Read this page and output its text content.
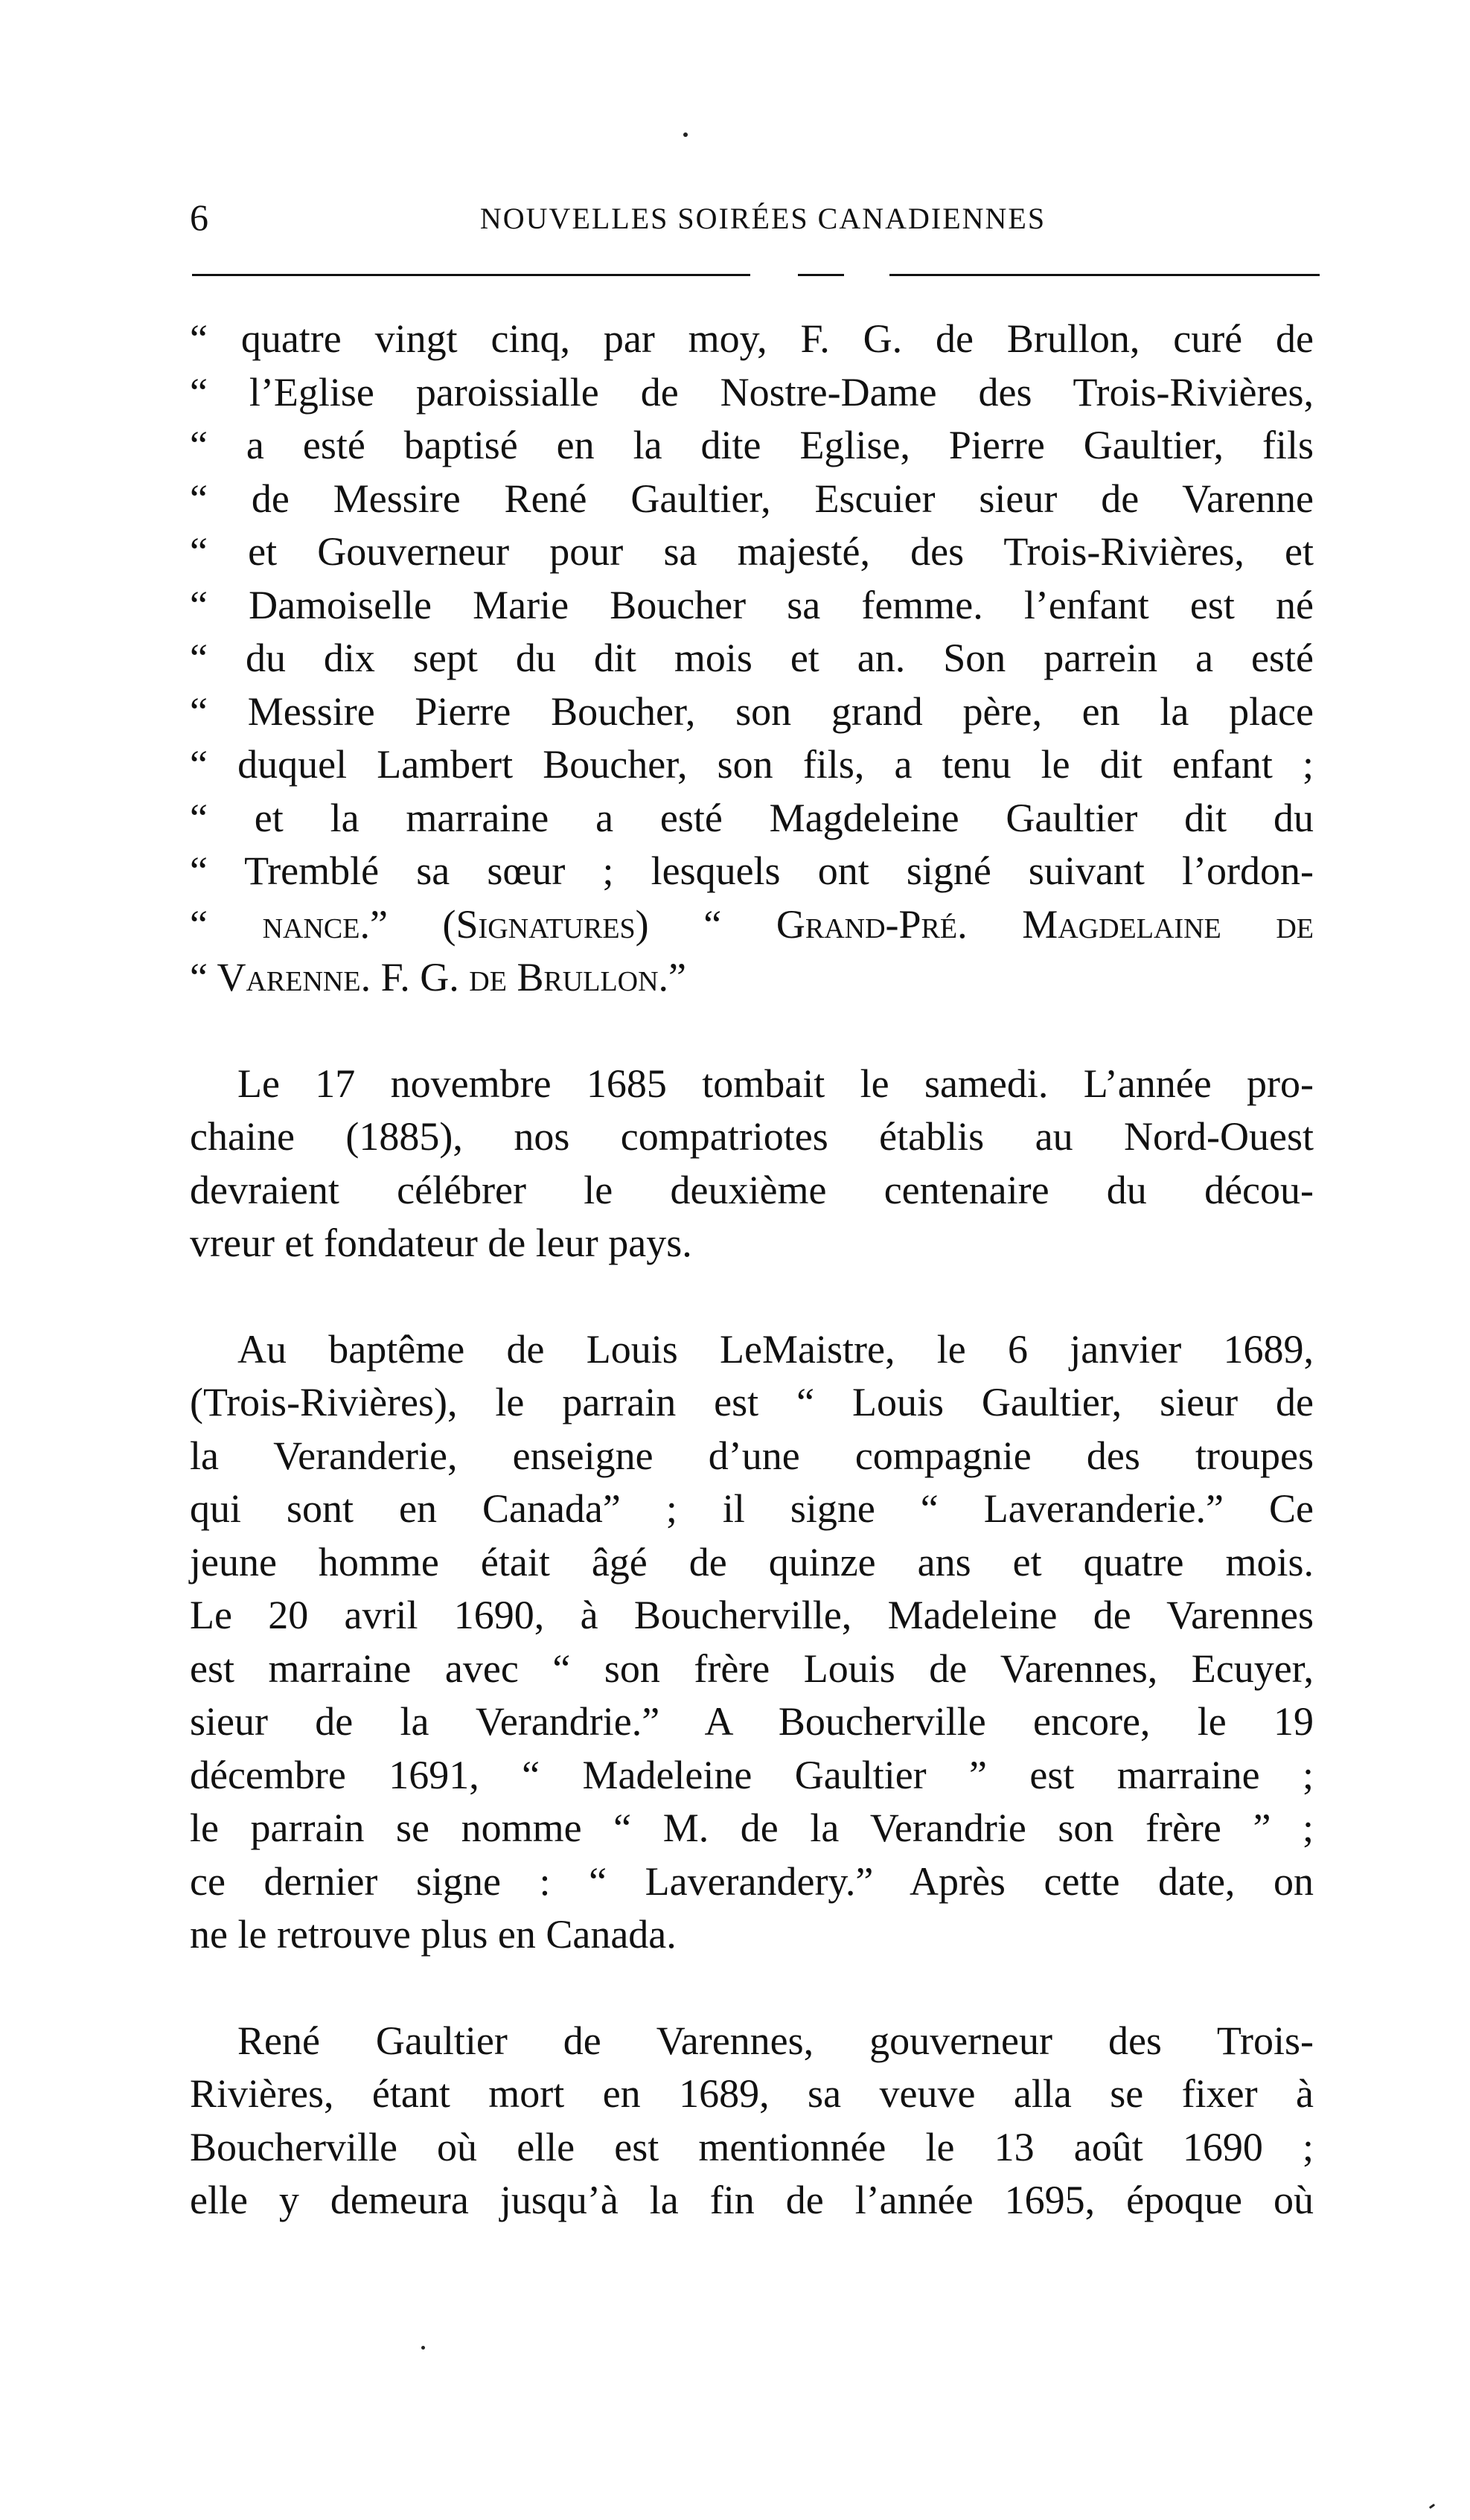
6	NOUVELLES SOIRÉES CANADIENNES
“ quatre vingt cinq, par moy, F. G. de Brullon, curé de
“ l’Eglise paroissialle de Nostre-Dame des Trois-Rivières,
“ a esté baptisé en la dite Eglise, Pierre Gaultier, fils
“ de Messire René Gaultier, Escuier sieur de Varenne
“ et Gouverneur pour sa majesté, des Trois-Rivières, et
“ Damoiselle Marie Boucher sa femme. l’enfant est né
“ du dix sept du dit mois et an. Son parrein a esté
“ Messire Pierre Boucher, son grand père, en la place
“ duquel Lambert Boucher, son fils, a tenu le dit enfant ;
“ et la marraine a esté Magdeleine Gaultier dit du
“ Tremblé sa sœur ; lesquels ont signé suivant l’ordon-
“ nance.” (Signatures) “ Grand-Pré. Magdelaine de
“ Varenne. F. G. de Brullon.”
Le 17 novembre 1685 tombait le samedi. L’année pro-
chaine (1885), nos compatriotes établis au Nord-Ouest
devraient célébrer le deuxième centenaire du décou-
vreur et fondateur de leur pays.
Au baptême de Louis LeMaistre, le 6 janvier 1689,
(Trois-Rivières), le parrain est “ Louis Gaultier, sieur de
la Veranderie, enseigne d’une compagnie des troupes
qui sont en Canada” ; il signe “ Laveranderie.” Ce
jeune homme était âgé de quinze ans et quatre mois.
Le 20 avril 1690, à Boucherville, Madeleine de Varennes
est marraine avec “ son frère Louis de Varennes, Ecuyer,
sieur de la Verandrie.” A Boucherville encore, le 19
décembre 1691, “ Madeleine Gaultier ” est marraine ;
le parrain se nomme “ M. de la Verandrie son frère ” ;
ce dernier signe : “ Laverandery.” Après cette date, on
ne le retrouve plus en Canada.
René Gaultier de Varennes, gouverneur des Trois-
Rivières, étant mort en 1689, sa veuve alla se fixer à
Boucherville où elle est mentionnée le 13 août 1690 ;
elle y demeura jusqu’à la fin de l’année 1695, époque où
